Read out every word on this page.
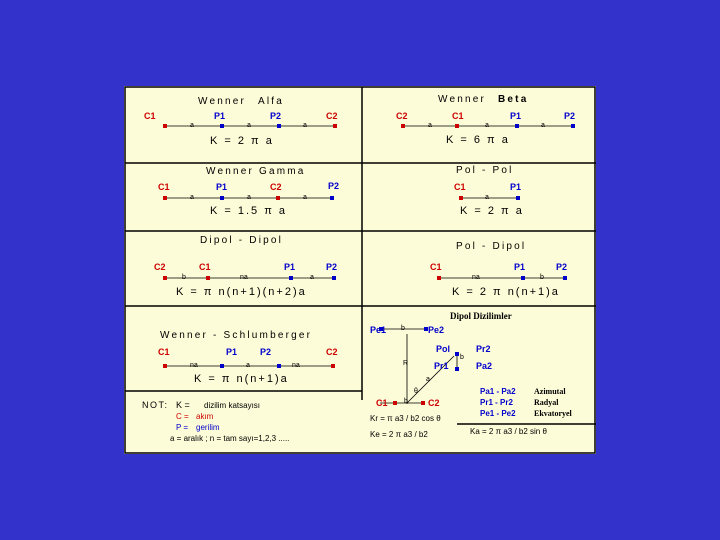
Wenner Alfa
C1	P1	P2	C2
a	a	a
K = 2 π a
Wenner Beta
C2	C1	P1	P2
a	a	a
K = 6 π a
Wenner Gamma
C1	P1	C2	P2
a	a	a
K = 1.5 π a
Pol - Pol
C1	P1
a
K = 2 π a
Dipol - Dipol
C2	C1	P1	P2
b	na	a
K = π n(n+1)(n+2)a
Pol - Dipol
C1	P1	P2
na	b
K = 2 π n(n+1)a
Wenner - Schlumberger
C1	P1	P2	C2
na	a	na
K = π n(n+1)a
Dipol Dizilimler
Pe1	Pe2
b
Pol	Pr2
Pr1	Pa2
b
R
a
θ
C1 b C2
Pa1 - Pa2 Azimutal
Pr1 - Pr2	Radyal
Pe1 - Pe2 Ekvatoryel
Kr = π a3 / b2 cos θ
Ke = 2 π a3 / b2	Ka = 2 π a3 / b2 sin θ
NOT: K = dizilim katsayısı
C = akım
P = gerilim
a = aralık ; n = tam sayı=1,2,3 .....
